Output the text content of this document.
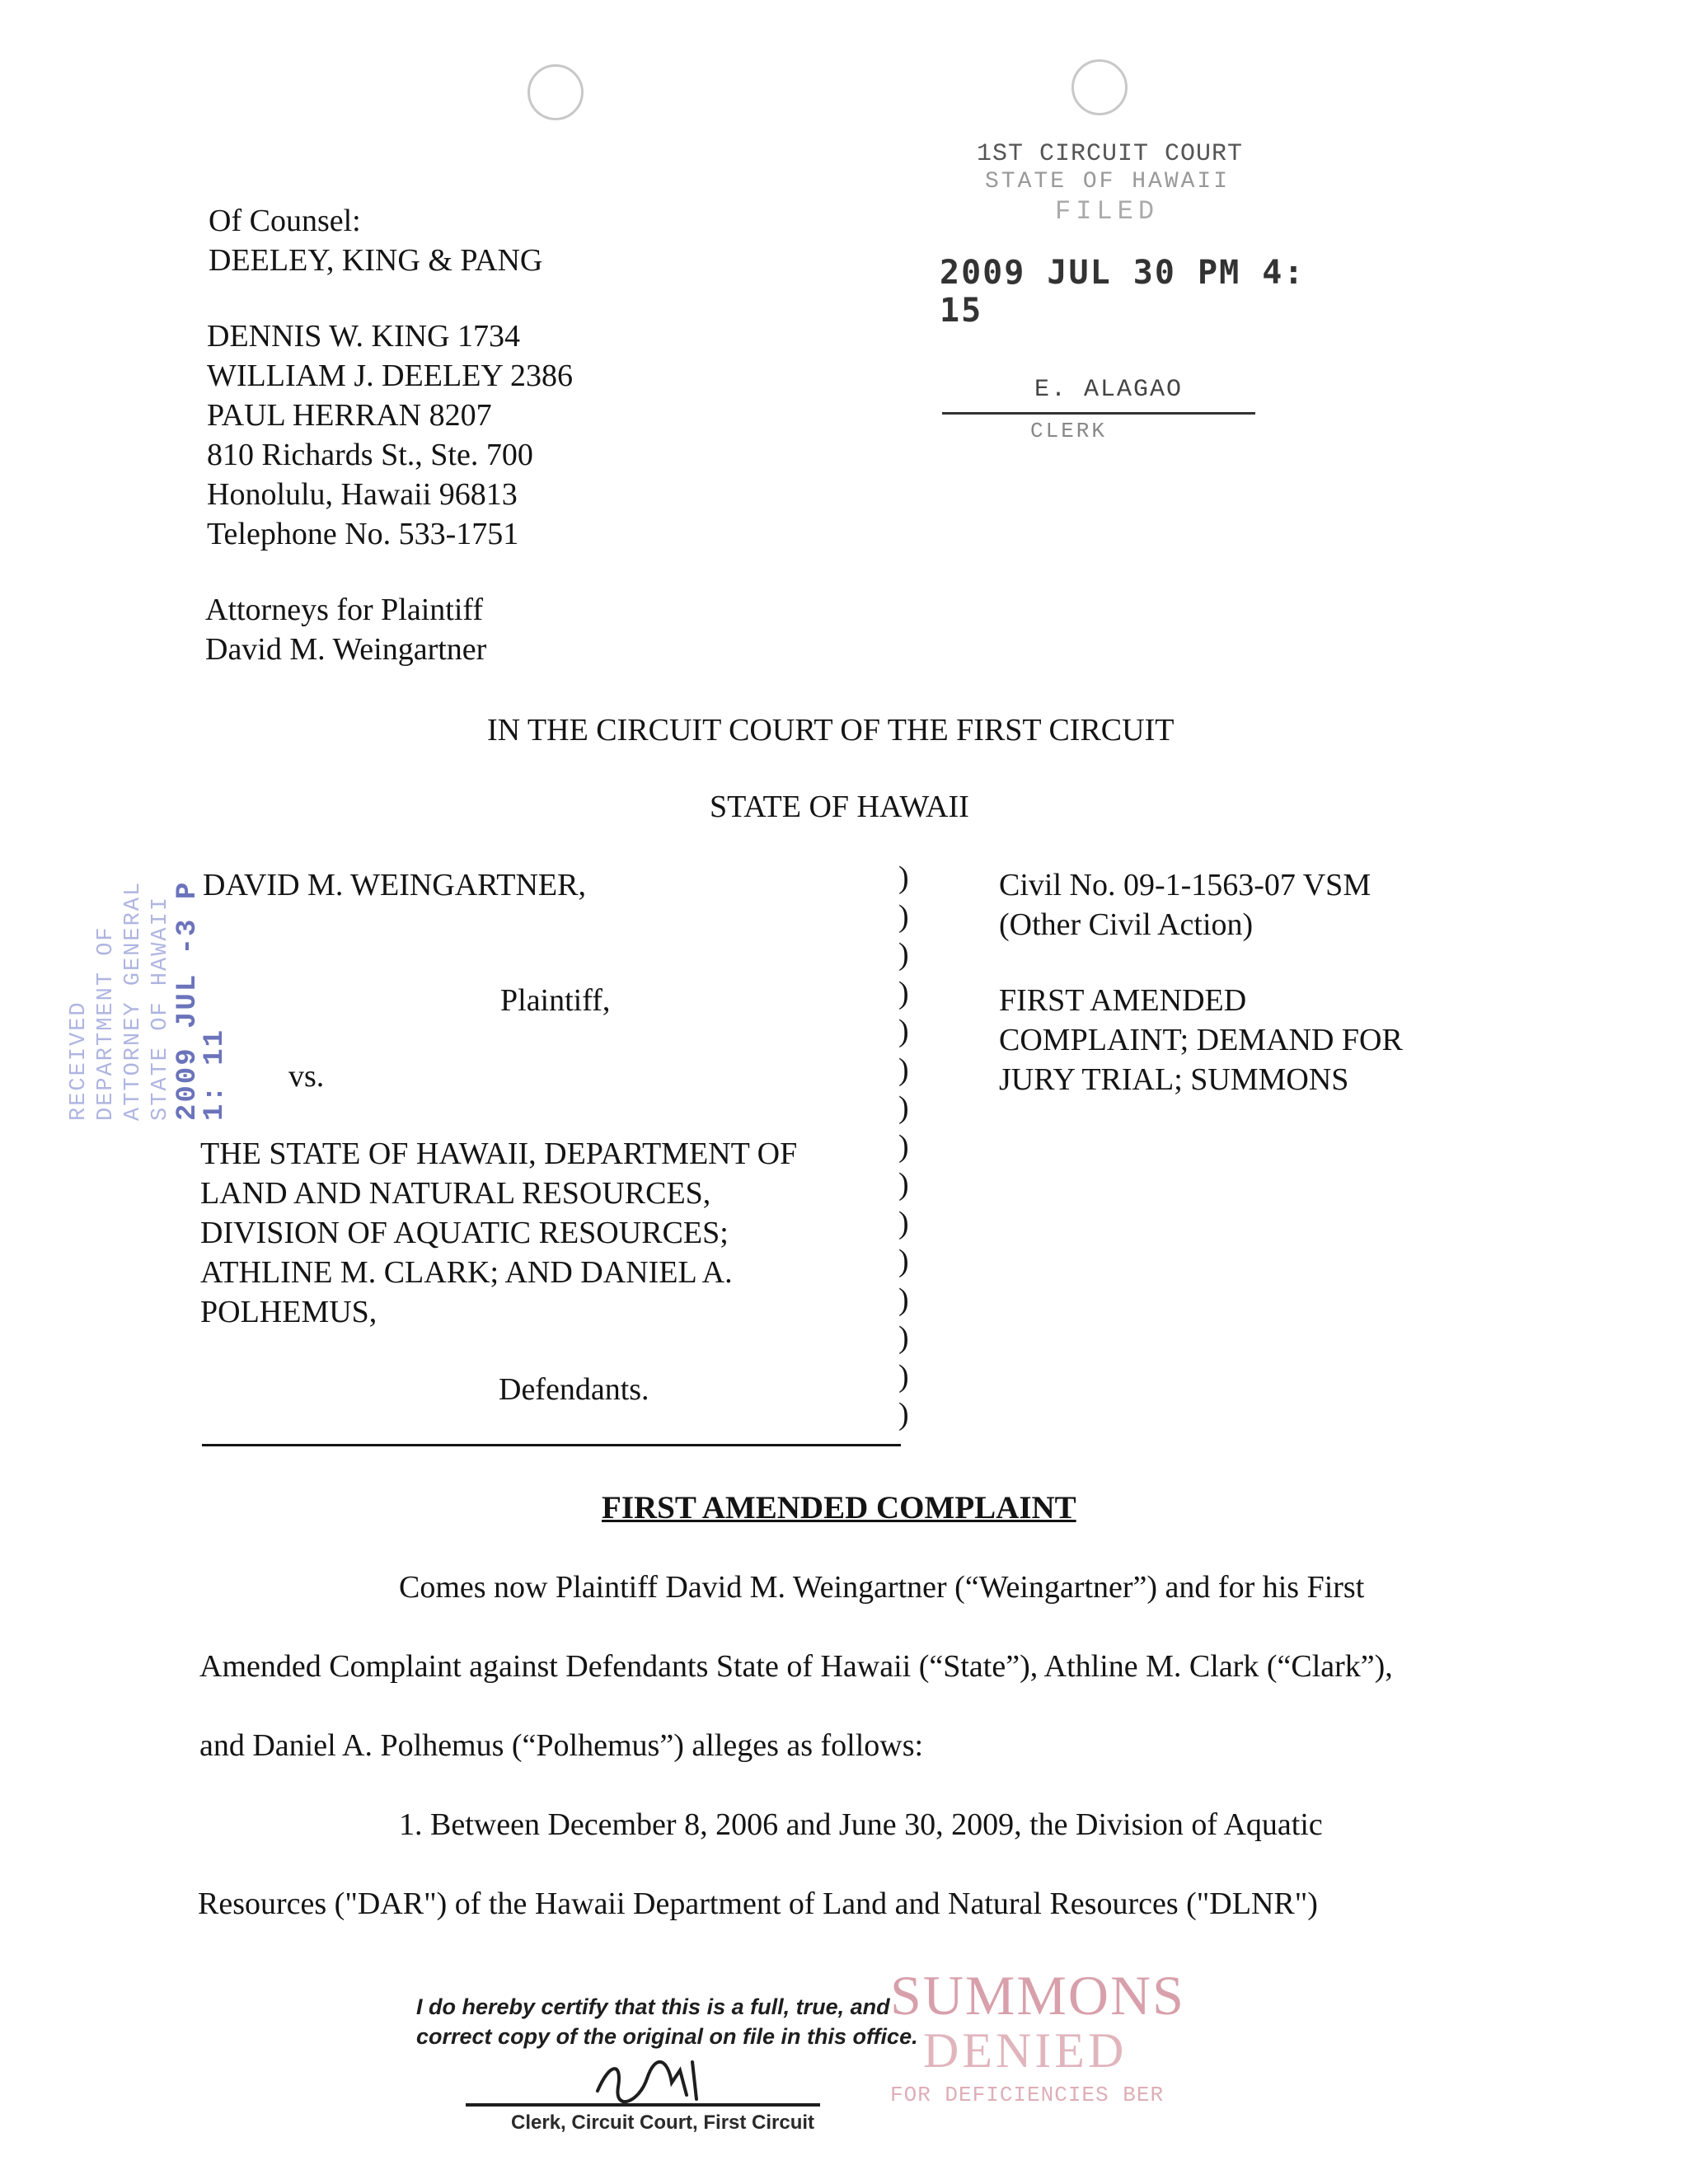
Of Counsel:
DEELEY, KING & PANG
DENNIS W. KING 1734
WILLIAM J. DEELEY 2386
PAUL HERRAN 8207
810 Richards St., Ste. 700
Honolulu, Hawaii 96813
Telephone No. 533-1751
Attorneys for Plaintiff
David M. Weingartner
1ST CIRCUIT COURT
STATE OF HAWAII
FILED
2009 JUL 30 PM 4: 15
E. ALAGAO
CLERK
IN THE CIRCUIT COURT OF THE FIRST CIRCUIT
STATE OF HAWAII
RECEIVED DEPARTMENT OF ATTORNEY GENERAL STATE OF HAWAII 2009 JUL -3 P 1: 11
DAVID M. WEINGARTNER,
Plaintiff,
vs.
THE STATE OF HAWAII, DEPARTMENT OF
LAND AND NATURAL RESOURCES,
DIVISION OF AQUATIC RESOURCES;
ATHLINE M. CLARK; AND DANIEL A.
POLHEMUS,
Defendants.
)
)
)
)
)
)
)
)
)
)
)
)
)
)
)
Civil No. 09-1-1563-07 VSM
(Other Civil Action)
FIRST AMENDED
COMPLAINT; DEMAND FOR
JURY TRIAL; SUMMONS
FIRST AMENDED COMPLAINT
Comes now Plaintiff David M. Weingartner (“Weingartner”) and for his First
Amended Complaint against Defendants State of Hawaii (“State”), Athline M. Clark (“Clark”),
and Daniel A. Polhemus (“Polhemus”) alleges as follows:
1. Between December 8, 2006 and June 30, 2009, the Division of Aquatic
Resources ("DAR") of the Hawaii Department of Land and Natural Resources ("DLNR")
I do hereby certify that this is a full, true, and
correct copy of the original on file in this office.
Clerk, Circuit Court, First Circuit
SUMMONS
DENIED
FOR DEFICIENCIES BER
